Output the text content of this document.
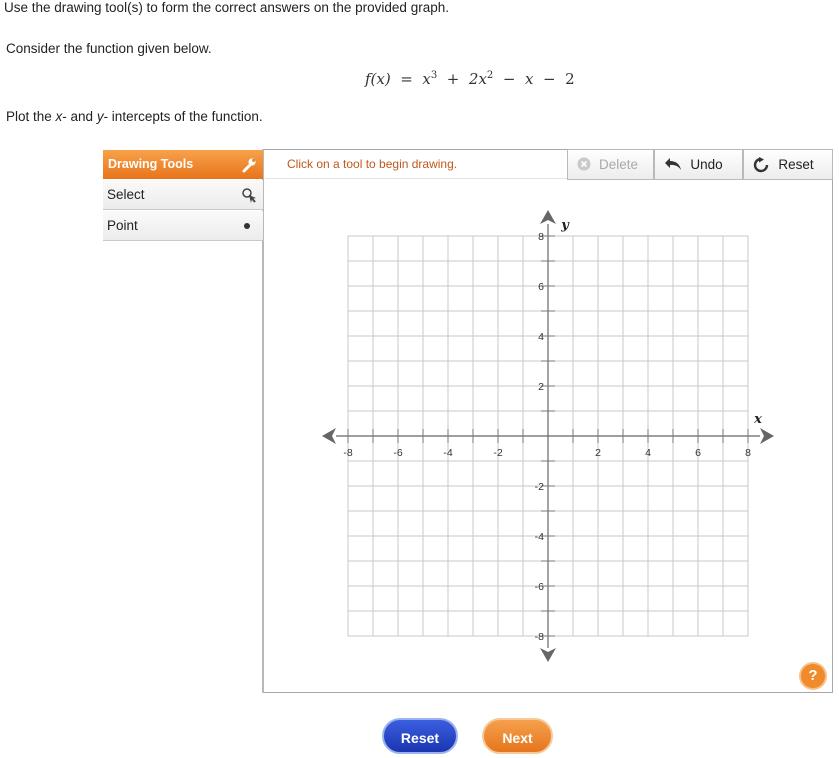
Use the drawing tool(s) to form the correct answers on the provided graph.
Consider the function given below.
$f(x) = x^3 + 2x^2 - x - 2$
Plot the x- and y- intercepts of the function.
Drawing Tools
Select
Point
Click on a tool to begin drawing.	Delete	Undo	Reset
-8	-6	-4	-2	2	4	6	8
8
6
4
2
-2
-4
-6
-8
x
y
?
Reset	Next
